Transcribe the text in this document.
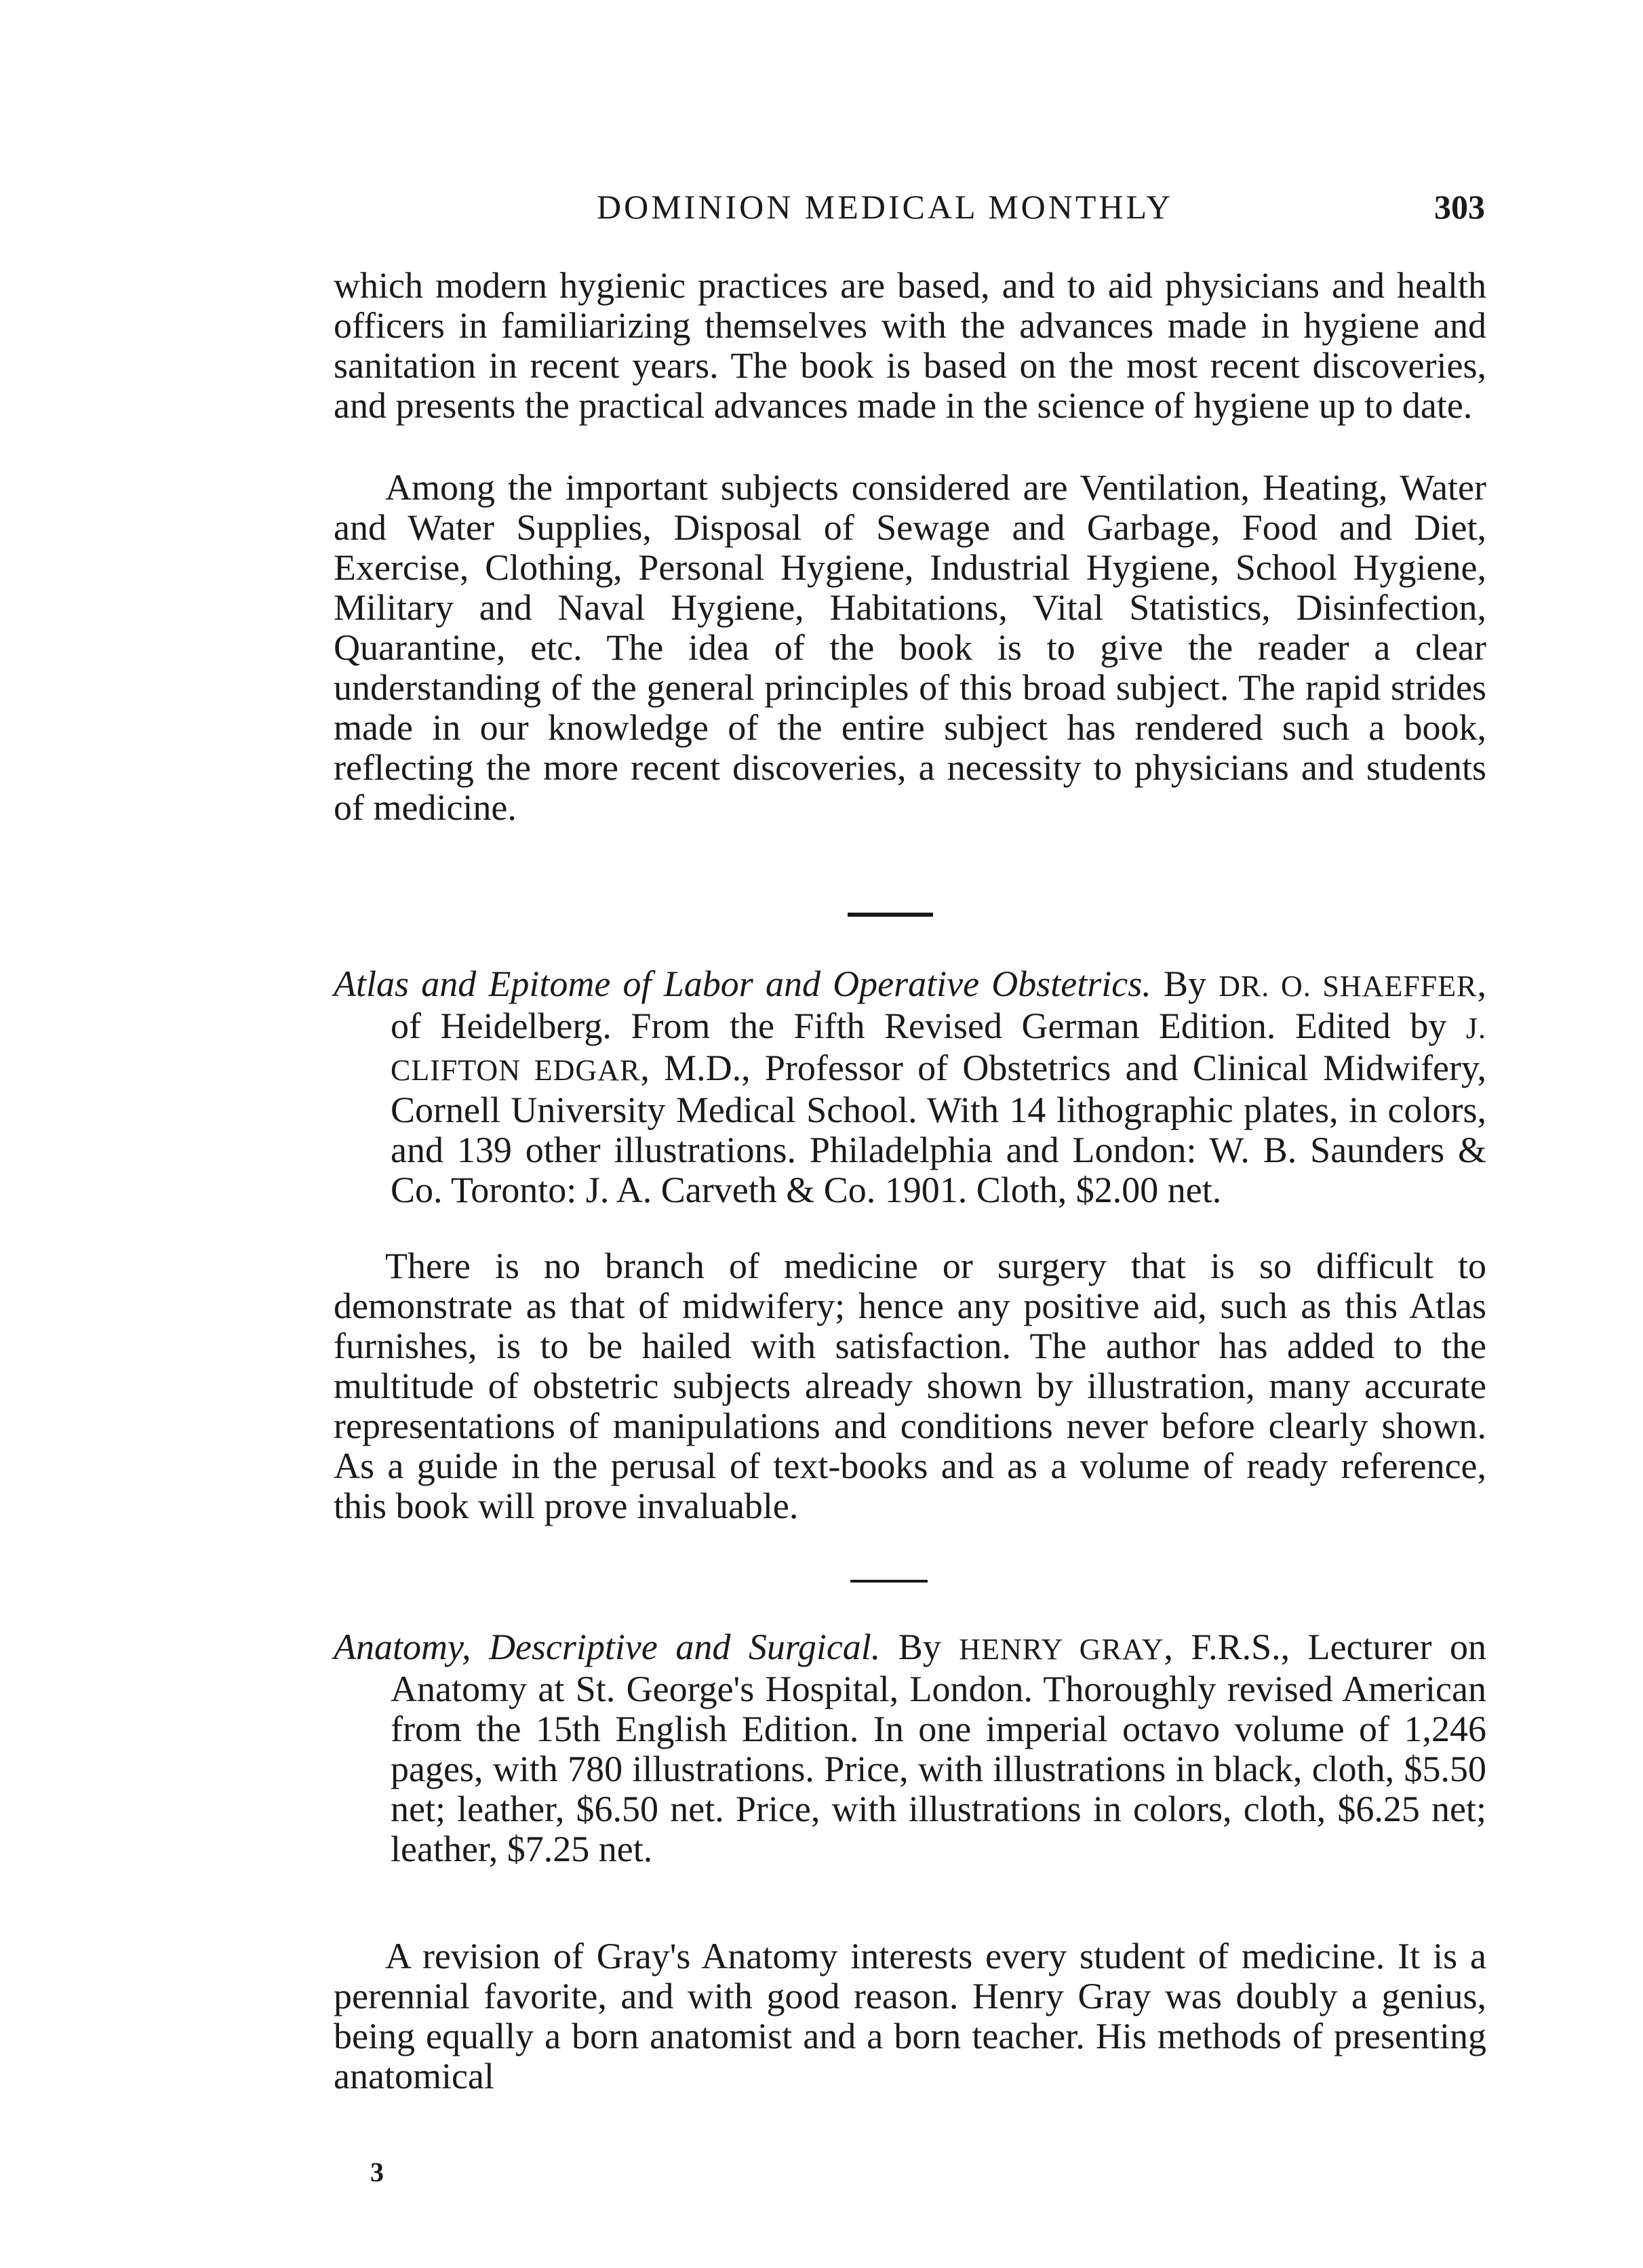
DOMINION MEDICAL MONTHLY	303

which modern hygienic practices are based, and to aid physicians and health officers in familiarizing themselves with the advances made in hygiene and sanitation in recent years. The book is based on the most recent discoveries, and presents the practical advances made in the science of hygiene up to date.

Among the important subjects considered are Ventilation, Heating, Water and Water Supplies, Disposal of Sewage and Garbage, Food and Diet, Exercise, Clothing, Personal Hygiene, Industrial Hygiene, School Hygiene, Military and Naval Hygiene, Habitations, Vital Statistics, Disinfection, Quarantine, etc. The idea of the book is to give the reader a clear understanding of the general principles of this broad subject. The rapid strides made in our knowledge of the entire subject has rendered such a book, reflecting the more recent discoveries, a necessity to physicians and students of medicine.

Atlas and Epitome of Labor and Operative Obstetrics. By DR. O. SHAEFFER, of Heidelberg. From the Fifth Revised German Edition. Edited by J. CLIFTON EDGAR, M.D., Professor of Obstetrics and Clinical Midwifery, Cornell University Medical School. With 14 lithographic plates, in colors, and 139 other illustrations. Philadelphia and London: W. B. Saunders & Co. Toronto: J. A. Carveth & Co. 1901. Cloth, $2.00 net.

There is no branch of medicine or surgery that is so difficult to demonstrate as that of midwifery; hence any positive aid, such as this Atlas furnishes, is to be hailed with satisfaction. The author has added to the multitude of obstetric subjects already shown by illustration, many accurate representations of manipulations and conditions never before clearly shown. As a guide in the perusal of text-books and as a volume of ready reference, this book will prove invaluable.

Anatomy, Descriptive and Surgical. By HENRY GRAY, F.R.S., Lecturer on Anatomy at St. George's Hospital, London. Thoroughly revised American from the 15th English Edition. In one imperial octavo volume of 1,246 pages, with 780 illustrations. Price, with illustrations in black, cloth, $5.50 net; leather, $6.50 net. Price, with illustrations in colors, cloth, $6.25 net; leather, $7.25 net.

A revision of Gray's Anatomy interests every student of medicine. It is a perennial favorite, and with good reason. Henry Gray was doubly a genius, being equally a born anatomist and a born teacher. His methods of presenting anatomical

3
